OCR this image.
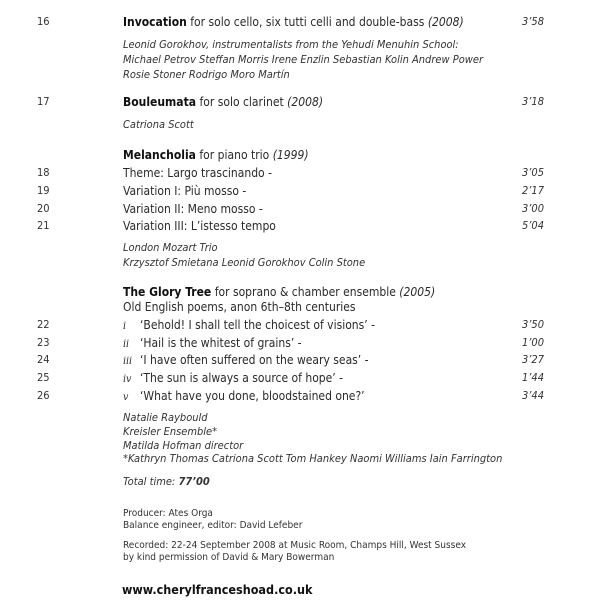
16	Invocation for solo cello, six tutti celli and double-bass (2008)	3’58
Leonid Gorokhov, instrumentalists from the Yehudi Menuhin School:
Michael Petrov Steffan Morris Irene Enzlin Sebastian Kolin Andrew Power
Rosie Stoner Rodrigo Moro Martín
17	Bouleumata for solo clarinet (2008)	3’18
Catriona Scott
Melancholia for piano trio (1999)
18	Theme: Largo trascinando -	3’05
19	Variation I: Più mosso -	2’17
20	Variation II: Meno mosso -	3’00
21	Variation III: L’istesso tempo	5’04
London Mozart Trio
Krzysztof Smietana Leonid Gorokhov Colin Stone
The Glory Tree for soprano & chamber ensemble (2005)
Old English poems, anon 6th–8th centuries
22	i ‘Behold! I shall tell the choicest of visions’ -	3’50
23	ii ‘Hail is the whitest of grains’ -	1’00
24	iii ‘I have often suffered on the weary seas’ -	3’27
25	iv ‘The sun is always a source of hope’ -	1’44
26	v ‘What have you done, bloodstained one?’	3’44
Natalie Raybould
Kreisler Ensemble*
Matilda Hofman director
*Kathryn Thomas Catriona Scott Tom Hankey Naomi Williams Iain Farrington
Total time: 77’00
Producer: Ates Orga
Balance engineer, editor: David Lefeber
Recorded: 22-24 September 2008 at Music Room, Champs Hill, West Sussex
by kind permission of David & Mary Bowerman
www.cherylfranceshoad.co.uk
